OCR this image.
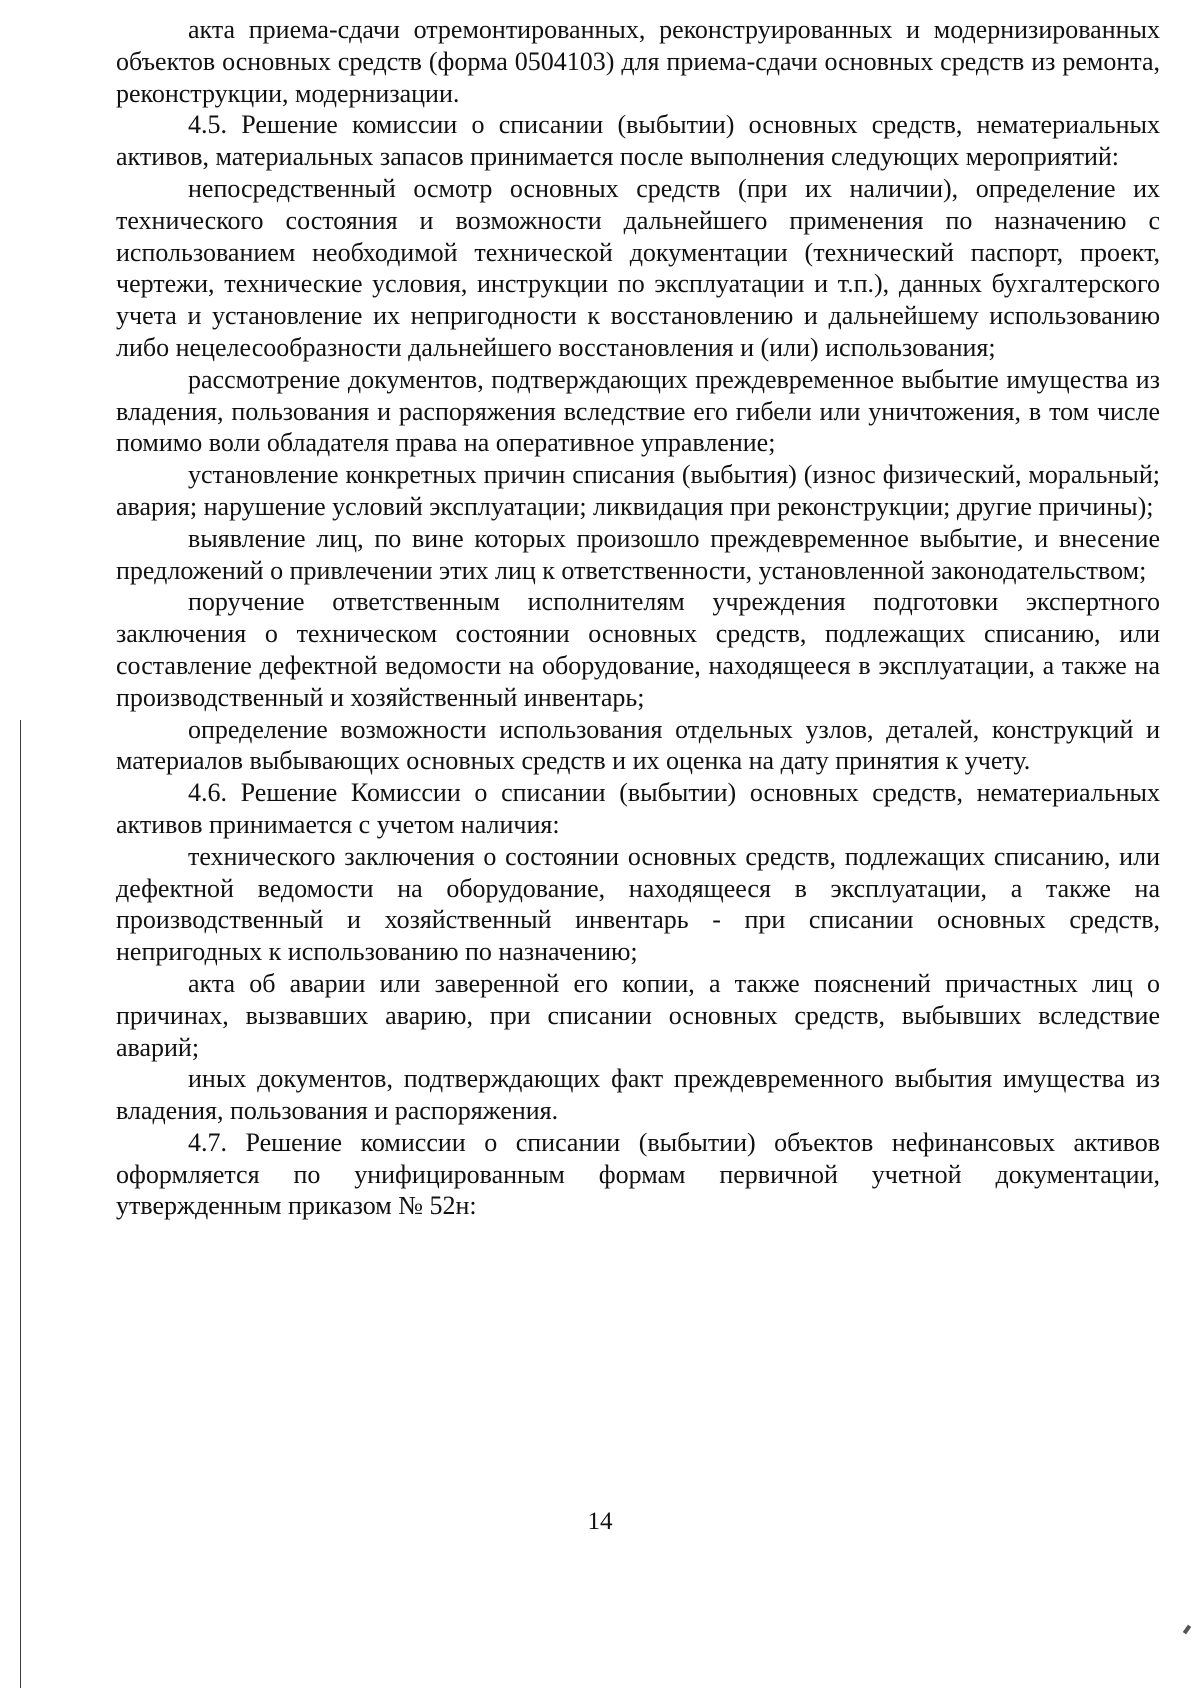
акта приема-сдачи отремонтированных, реконструированных и модернизированных объектов основных средств (форма 0504103) для приема-сдачи основных средств из ремонта, реконструкции, модернизации.

4.5. Решение комиссии о списании (выбытии) основных средств, нематериальных активов, материальных запасов принимается после выполнения следующих мероприятий:

непосредственный осмотр основных средств (при их наличии), определение их технического состояния и возможности дальнейшего применения по назначению с использованием необходимой технической документации (технический паспорт, проект, чертежи, технические условия, инструкции по эксплуатации и т.п.), данных бухгалтерского учета и установление их непригодности к восстановлению и дальнейшему использованию либо нецелесообразности дальнейшего восстановления и (или) использования;

рассмотрение документов, подтверждающих преждевременное выбытие имущества из владения, пользования и распоряжения вследствие его гибели или уничтожения, в том числе помимо воли обладателя права на оперативное управление;

установление конкретных причин списания (выбытия) (износ физический, моральный; авария; нарушение условий эксплуатации; ликвидация при реконструкции; другие причины);

выявление лиц, по вине которых произошло преждевременное выбытие, и внесение предложений о привлечении этих лиц к ответственности, установленной законодательством;

поручение ответственным исполнителям учреждения подготовки экспертного заключения о техническом состоянии основных средств, подлежащих списанию, или составление дефектной ведомости на оборудование, находящееся в эксплуатации, а также на производственный и хозяйственный инвентарь;

определение возможности использования отдельных узлов, деталей, конструкций и материалов выбывающих основных средств и их оценка на дату принятия к учету.

4.6. Решение Комиссии о списании (выбытии) основных средств, нематериальных активов принимается с учетом наличия:

технического заключения о состоянии основных средств, подлежащих списанию, или дефектной ведомости на оборудование, находящееся в эксплуатации, а также на производственный и хозяйственный инвентарь - при списании основных средств, непригодных к использованию по назначению;

акта об аварии или заверенной его копии, а также пояснений причастных лиц о причинах, вызвавших аварию, при списании основных средств, выбывших вследствие аварий;

иных документов, подтверждающих факт преждевременного выбытия имущества из владения, пользования и распоряжения.

4.7. Решение комиссии о списании (выбытии) объектов нефинансовых активов оформляется по унифицированным формам первичной учетной документации, утвержденным приказом № 52н:

14
